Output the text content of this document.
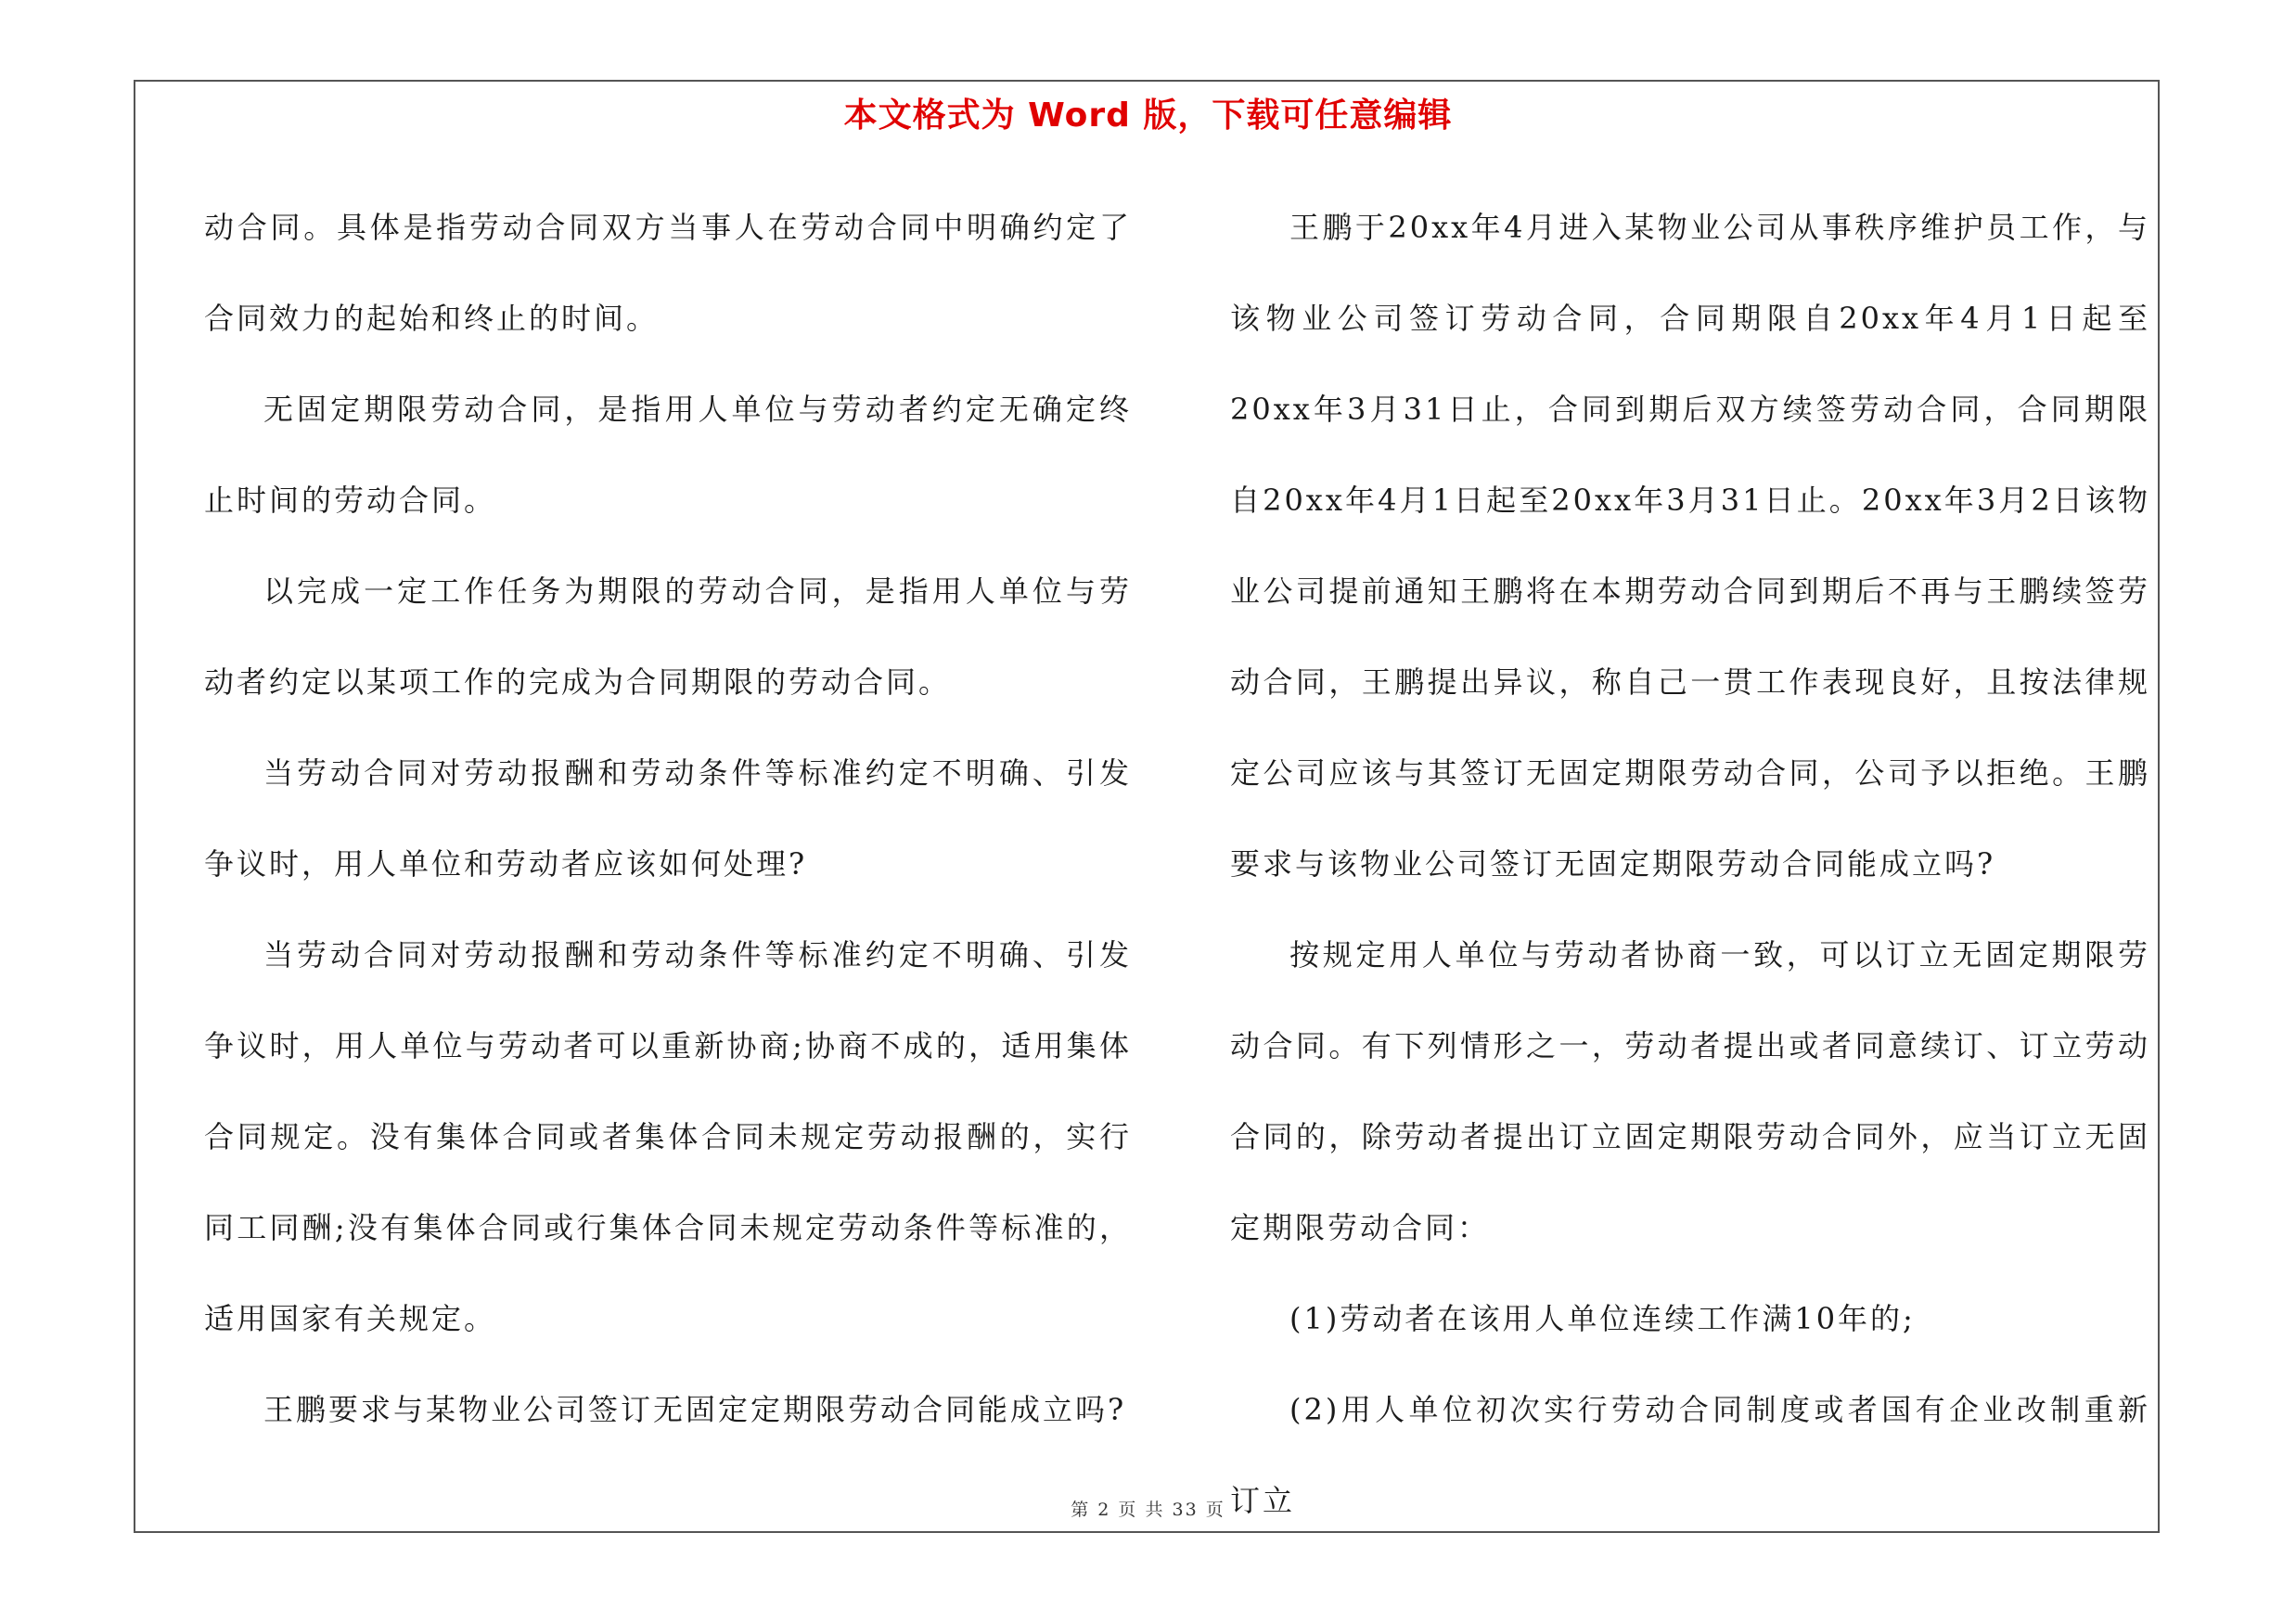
本文格式为 Word 版，下载可任意编辑

动合同。具体是指劳动合同双方当事人在劳动合同中明确约定了合同效力的起始和终止的时间。

无固定期限劳动合同，是指用人单位与劳动者约定无确定终止时间的劳动合同。

以完成一定工作任务为期限的劳动合同，是指用人单位与劳动者约定以某项工作的完成为合同期限的劳动合同。

当劳动合同对劳动报酬和劳动条件等标准约定不明确、引发争议时，用人单位和劳动者应该如何处理?

当劳动合同对劳动报酬和劳动条件等标准约定不明确、引发争议时，用人单位与劳动者可以重新协商;协商不成的，适用集体合同规定。没有集体合同或者集体合同未规定劳动报酬的，实行同工同酬;没有集体合同或行集体合同未规定劳动条件等标准的，适用国家有关规定。

王鹏要求与某物业公司签订无固定定期限劳动合同能成立吗?

王鹏于20xx年4月进入某物业公司从事秩序维护员工作，与该物业公司签订劳动合同，合同期限自20xx年4月1日起至20xx年3月31日止，合同到期后双方续签劳动合同，合同期限自20xx年4月1日起至20xx年3月31日止。20xx年3月2日该物业公司提前通知王鹏将在本期劳动合同到期后不再与王鹏续签劳动合同，王鹏提出异议，称自己一贯工作表现良好，且按法律规定公司应该与其签订无固定期限劳动合同，公司予以拒绝。王鹏要求与该物业公司签订无固定期限劳动合同能成立吗?

按规定用人单位与劳动者协商一致，可以订立无固定期限劳动合同。有下列情形之一，劳动者提出或者同意续订、订立劳动合同的，除劳动者提出订立固定期限劳动合同外，应当订立无固定期限劳动合同：

(1)劳动者在该用人单位连续工作满10年的;

(2)用人单位初次实行劳动合同制度或者国有企业改制重新订立

第 2 页 共 33 页
